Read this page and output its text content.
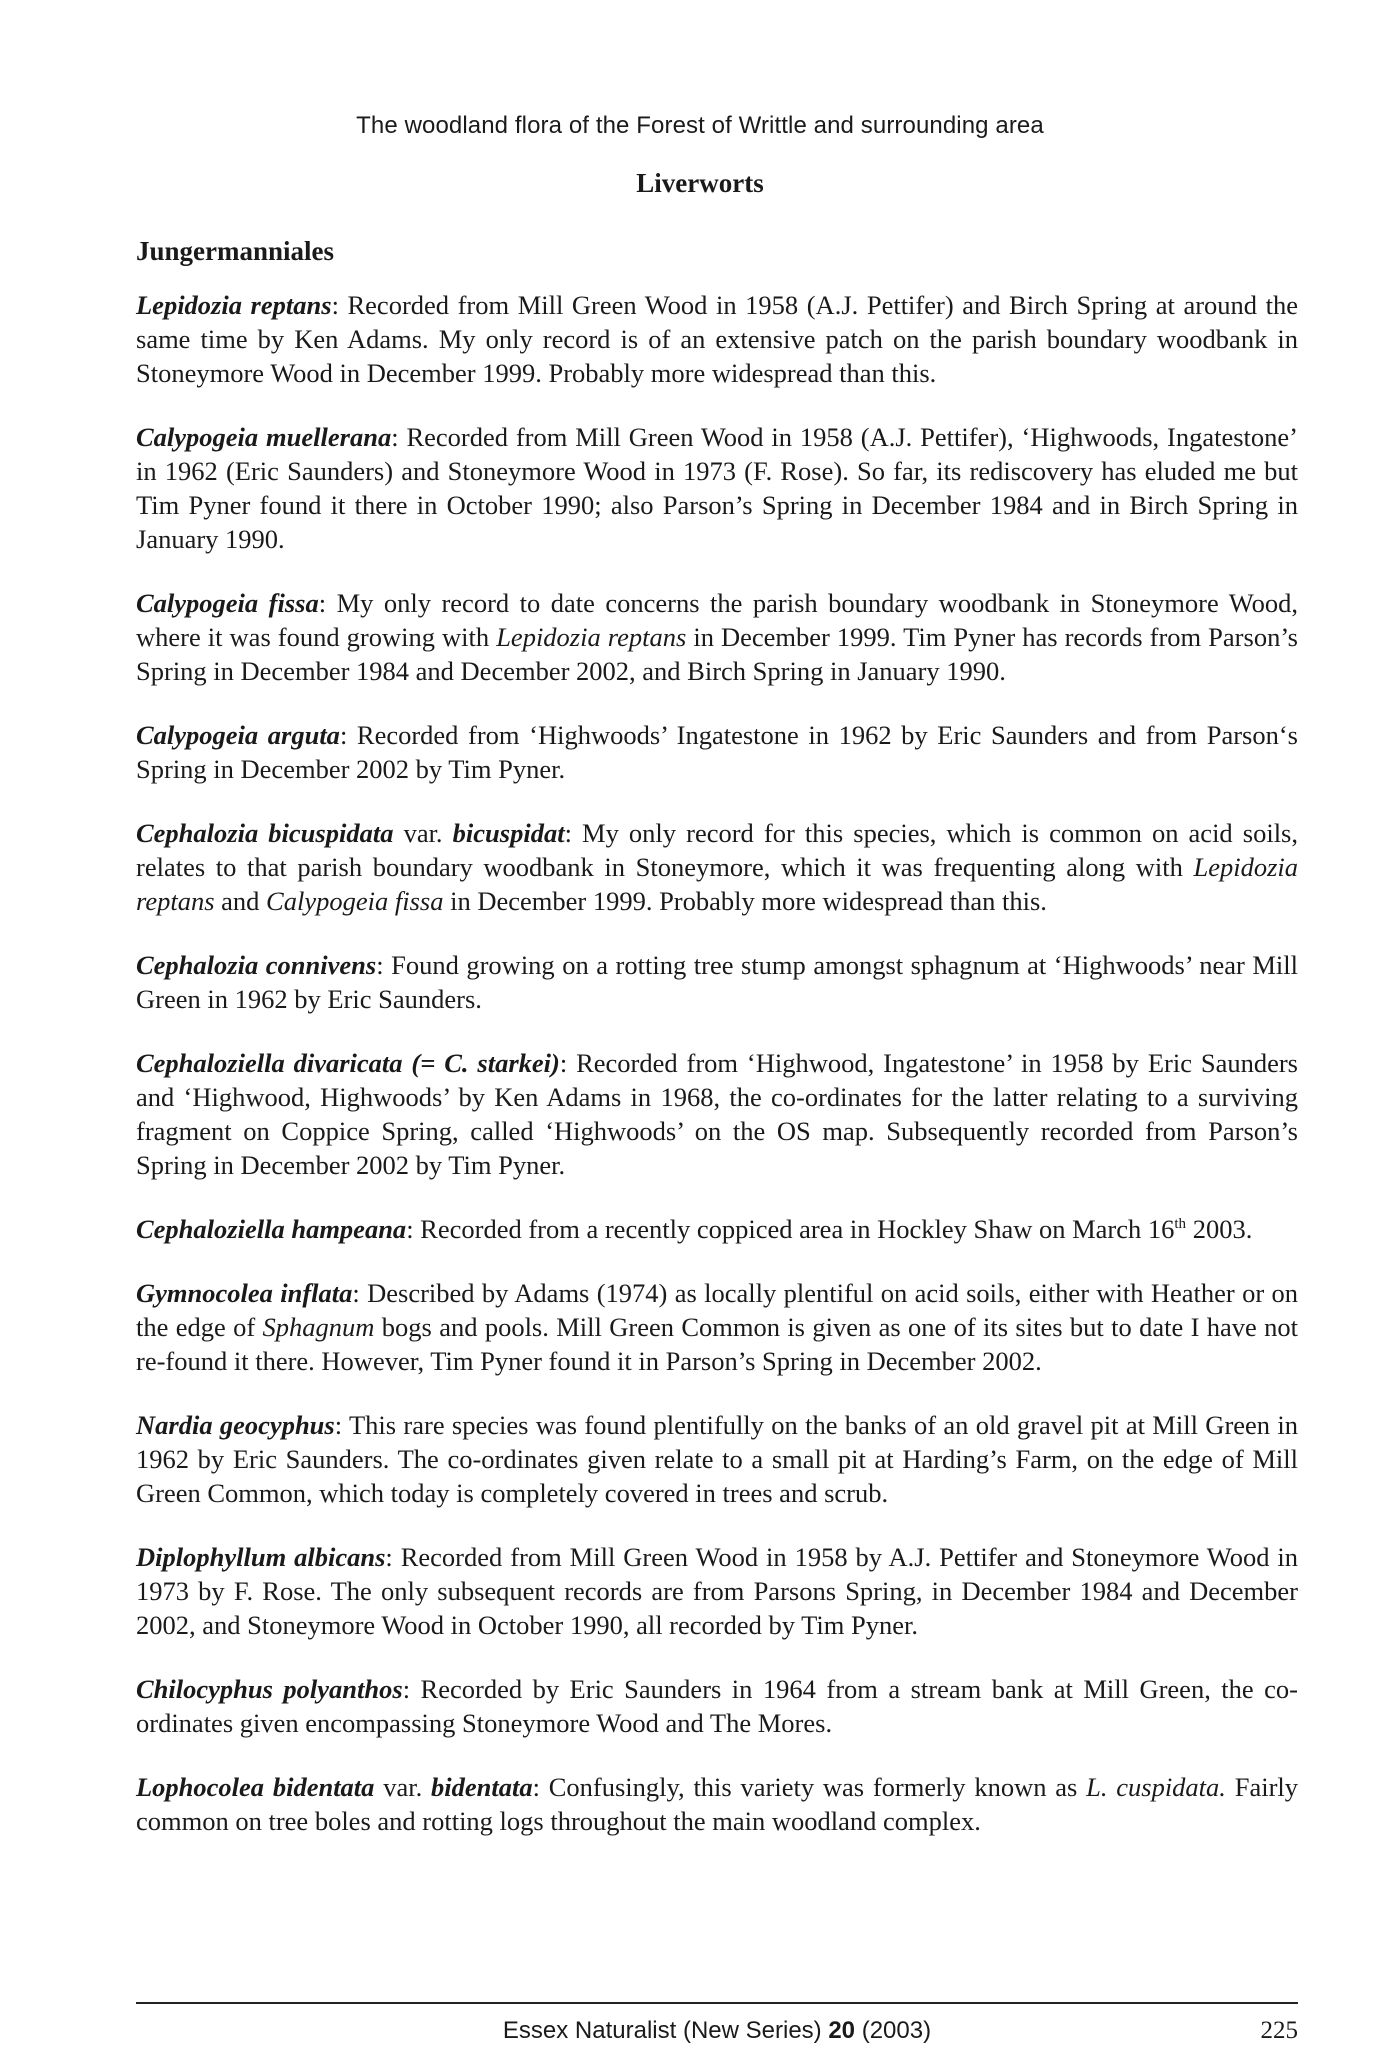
The woodland flora of the Forest of Writtle and surrounding area
Liverworts
Jungermanniales

Lepidozia reptans: Recorded from Mill Green Wood in 1958 (A.J. Pettifer) and Birch Spring at around the same time by Ken Adams. My only record is of an extensive patch on the parish boundary woodbank in Stoneymore Wood in December 1999. Probably more widespread than this.

Calypogeia muellerana: Recorded from Mill Green Wood in 1958 (A.J. Pettifer), ‘Highwoods, Ingatestone’ in 1962 (Eric Saunders) and Stoneymore Wood in 1973 (F. Rose). So far, its rediscovery has eluded me but Tim Pyner found it there in October 1990; also Parson’s Spring in December 1984 and in Birch Spring in January 1990.

Calypogeia fissa: My only record to date concerns the parish boundary woodbank in Stoneymore Wood, where it was found growing with Lepidozia reptans in December 1999. Tim Pyner has records from Parson’s Spring in December 1984 and December 2002, and Birch Spring in January 1990.

Calypogeia arguta: Recorded from ‘Highwoods’ Ingatestone in 1962 by Eric Saunders and from Parson‘s Spring in December 2002 by Tim Pyner.

Cephalozia bicuspidata var. bicuspidat: My only record for this species, which is common on acid soils, relates to that parish boundary woodbank in Stoneymore, which it was frequenting along with Lepidozia reptans and Calypogeia fissa in December 1999. Probably more widespread than this.

Cephalozia connivens: Found growing on a rotting tree stump amongst sphagnum at ‘Highwoods’ near Mill Green in 1962 by Eric Saunders.

Cephaloziella divaricata (= C. starkei): Recorded from ‘Highwood, Ingatestone’ in 1958 by Eric Saunders and ‘Highwood, Highwoods’ by Ken Adams in 1968, the co-ordinates for the latter relating to a surviving fragment on Coppice Spring, called ‘Highwoods’ on the OS map. Subsequently recorded from Parson’s Spring in December 2002 by Tim Pyner.

Cephaloziella hampeana: Recorded from a recently coppiced area in Hockley Shaw on March 16th 2003.

Gymnocolea inflata: Described by Adams (1974) as locally plentiful on acid soils, either with Heather or on the edge of Sphagnum bogs and pools. Mill Green Common is given as one of its sites but to date I have not re-found it there. However, Tim Pyner found it in Parson’s Spring in December 2002.

Nardia geocyphus: This rare species was found plentifully on the banks of an old gravel pit at Mill Green in 1962 by Eric Saunders. The co-ordinates given relate to a small pit at Harding’s Farm, on the edge of Mill Green Common, which today is completely covered in trees and scrub.

Diplophyllum albicans: Recorded from Mill Green Wood in 1958 by A.J. Pettifer and Stoneymore Wood in 1973 by F. Rose. The only subsequent records are from Parsons Spring, in December 1984 and December 2002, and Stoneymore Wood in October 1990, all recorded by Tim Pyner.

Chilocyphus polyanthos: Recorded by Eric Saunders in 1964 from a stream bank at Mill Green, the co-ordinates given encompassing Stoneymore Wood and The Mores.

Lophocolea bidentata var. bidentata: Confusingly, this variety was formerly known as L. cuspidata. Fairly common on tree boles and rotting logs throughout the main woodland complex.

Essex Naturalist (New Series) 20 (2003)	225
